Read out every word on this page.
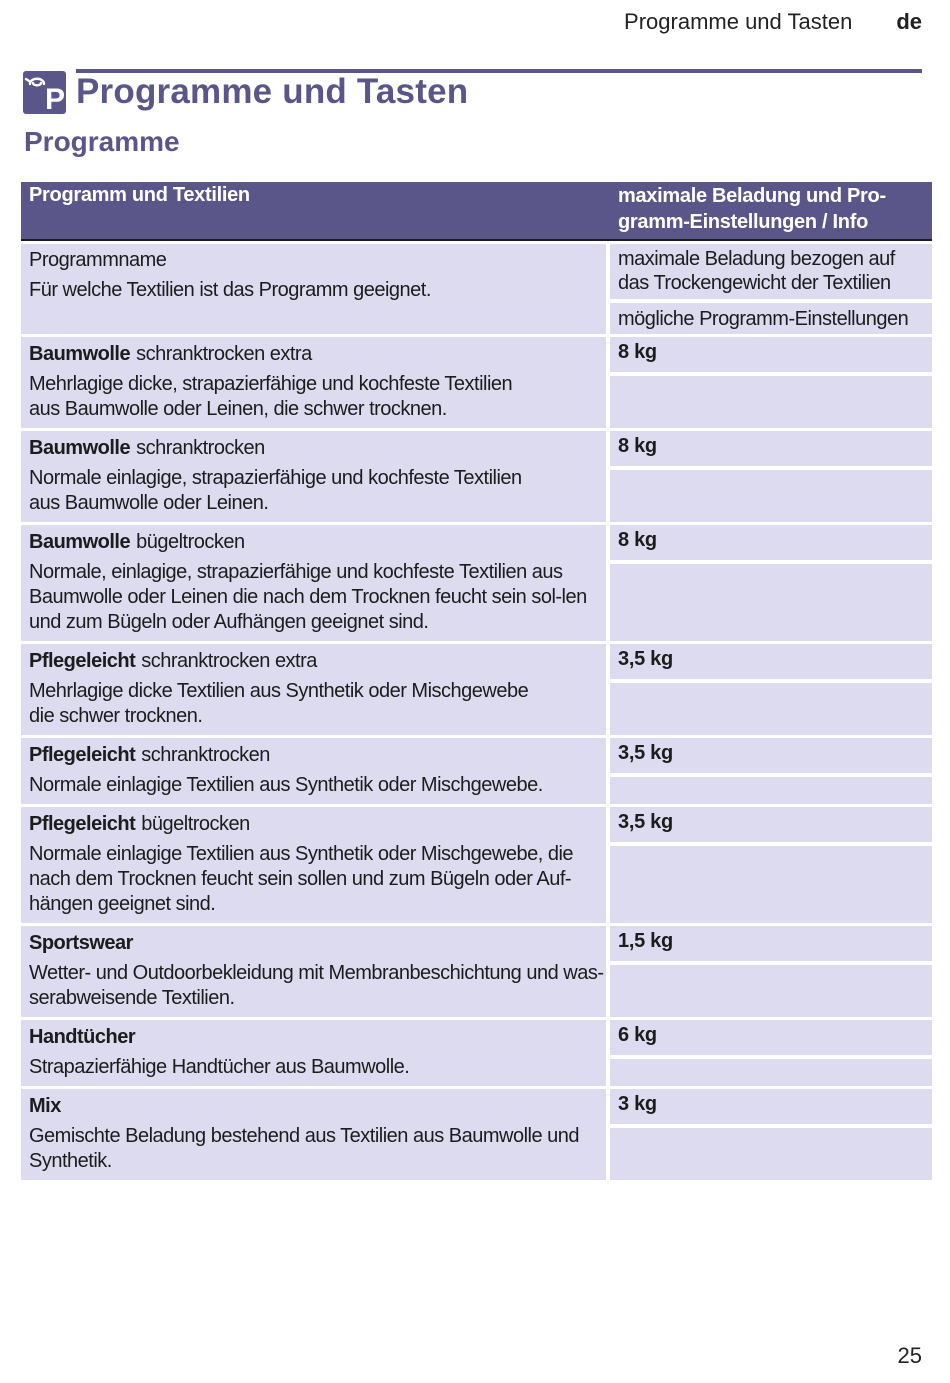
Programme und Tasten de
P Programme und Tasten
Programme
Programm und Textilien	maximale Beladung und Pro-
gramm-Einstellungen / Info
Programmname
Für welche Textilien ist das Programm geeignet.
maximale Beladung bezogen auf das Trockengewicht der Textilien
mögliche Programm-Einstellungen
Baumwolle schranktrocken extra
Mehrlagige dicke, strapazierfähige und kochfeste Textilien aus Baumwolle oder Leinen, die schwer trocknen.
8 kg
Baumwolle schranktrocken
Normale einlagige, strapazierfähige und kochfeste Textilien aus Baumwolle oder Leinen.
8 kg
Baumwolle bügeltrocken
Normale, einlagige, strapazierfähige und kochfeste Textilien aus Baumwolle oder Leinen die nach dem Trocknen feucht sein sol-len und zum Bügeln oder Aufhängen geeignet sind.
8 kg
Pflegeleicht schranktrocken extra
Mehrlagige dicke Textilien aus Synthetik oder Mischgewebe die schwer trocknen.
3,5 kg
Pflegeleicht schranktrocken
Normale einlagige Textilien aus Synthetik oder Mischgewebe.
3,5 kg
Pflegeleicht bügeltrocken
Normale einlagige Textilien aus Synthetik oder Mischgewebe, die nach dem Trocknen feucht sein sollen und zum Bügeln oder Auf-hängen geeignet sind.
3,5 kg
Sportswear
Wetter- und Outdoorbekleidung mit Membranbeschichtung und was-serabweisende Textilien.
1,5 kg
Handtücher
Strapazierfähige Handtücher aus Baumwolle.
6 kg
Mix
Gemischte Beladung bestehend aus Textilien aus Baumwolle und Synthetik.
3 kg
25
